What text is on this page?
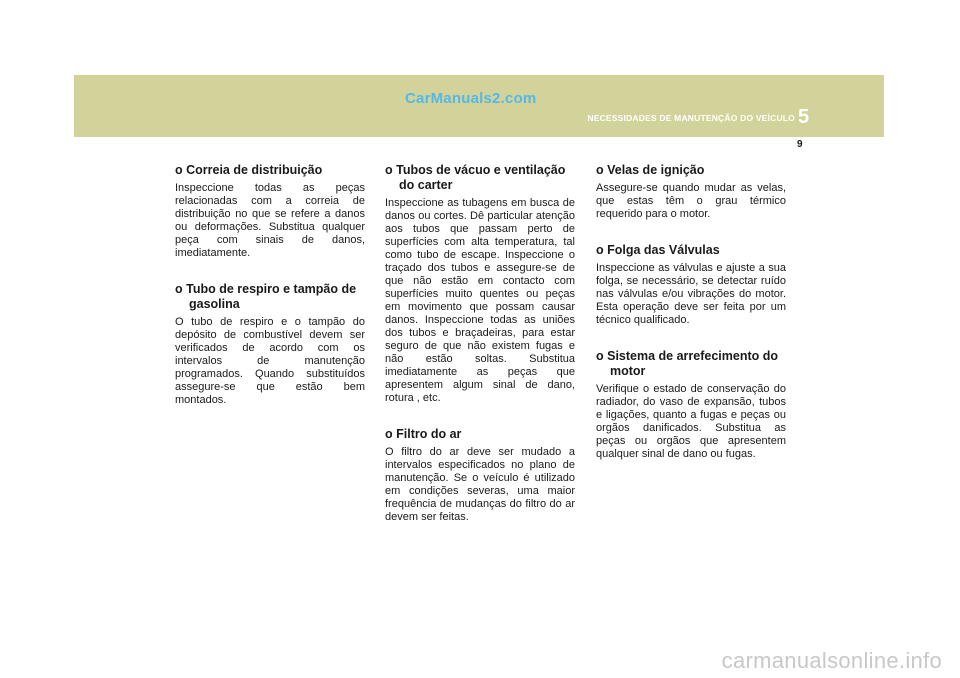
CarManuals2.com
NECESSIDADES DE MANUTENÇÃO DO VEÍCULO 5
9
o Correia de distribuição

Inspeccione todas as peças relacionadas com a correia de distribuição no que se refere a danos ou deformações. Substitua qualquer peça com sinais de danos, imediatamente.

o Tubo de respiro e tampão de gasolina

O tubo de respiro e o tampão do depósito de combustível devem ser verificados de acordo com os intervalos de manutenção programados. Quando substituídos assegure-se que estão bem montados.

o Tubos de vácuo e ventilação do carter

Inspeccione as tubagens em busca de danos ou cortes. Dê particular atenção aos tubos que passam perto de superfícies com alta temperatura, tal como tubo de escape. Inspeccione o traçado dos tubos e assegure-se de que não estão em contacto com superfícies muito quentes ou peças em movimento que possam causar danos. Inspeccione todas as uniões dos tubos e braçadeiras, para estar seguro de que não existem fugas e não estão soltas. Substitua imediatamente as peças que apresentem algum sinal de dano, rotura , etc.

o Filtro do ar

O filtro do ar deve ser mudado a intervalos especificados no plano de manutenção. Se o veículo é utilizado em condições severas, uma maior frequência de mudanças do filtro do ar devem ser feitas.

o Velas de ignição

Assegure-se quando mudar as velas, que estas têm o grau térmico requerido para o motor.

o Folga das Válvulas

Inspeccione as válvulas e ajuste a sua folga, se necessário, se detectar ruído nas válvulas e/ou vibrações do motor. Esta operação deve ser feita por um técnico qualificado.

o Sistema de arrefecimento do motor

Verifique o estado de conservação do radiador, do vaso de expansão, tubos e ligações, quanto a fugas e peças ou orgãos danificados. Substitua as peças ou orgãos que apresentem qualquer sinal de dano ou fugas.

carmanualsonline.info
